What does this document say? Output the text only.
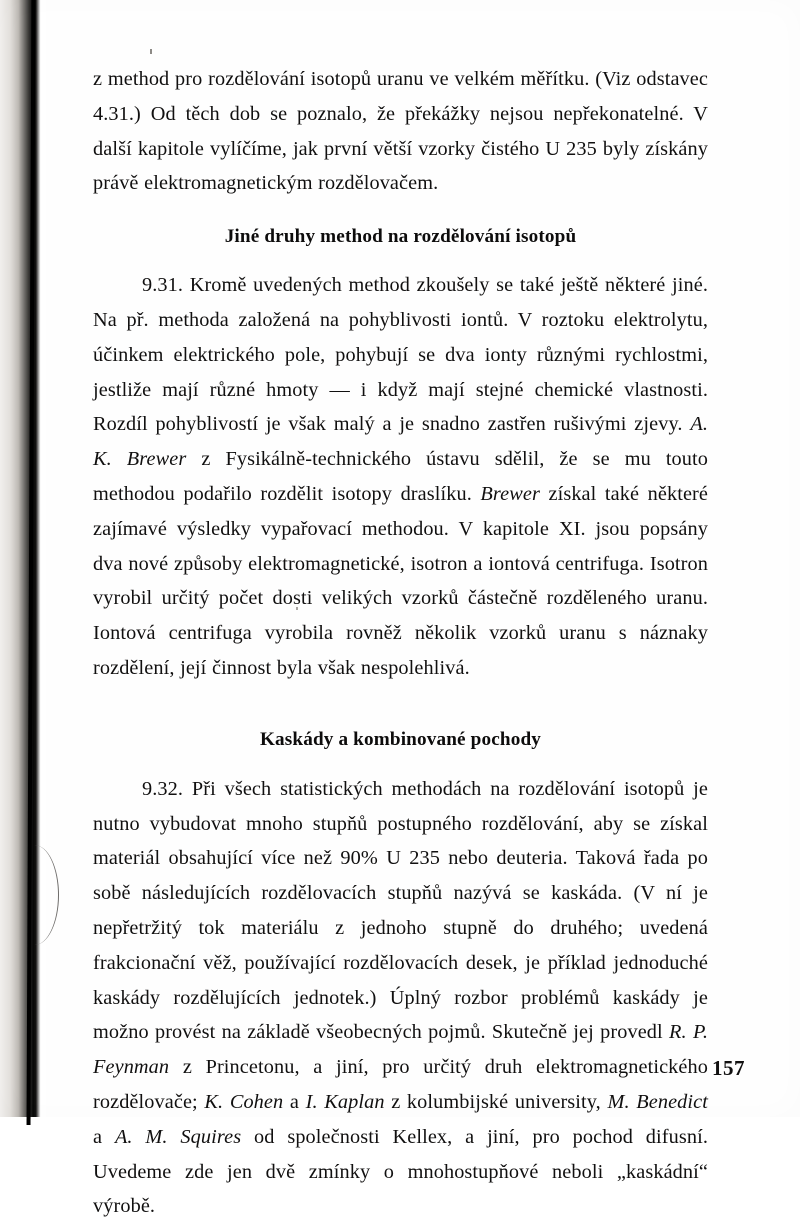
z method pro rozdělování isotopů uranu ve velkém měřítku. (Viz odstavec 4.31.) Od těch dob se poznalo, že překážky nejsou nepřekonatelné. V další kapitole vylíčíme, jak první větší vzorky čistého U 235 byly získány právě elektromagnetickým rozdělovačem.

Jiné druhy method na rozdělování isotopů

9.31. Kromě uvedených method zkoušely se také ještě některé jiné. Na př. methoda založená na pohyblivosti iontů. V roztoku elektrolytu, účinkem elektrického pole, pohybují se dva ionty různými rychlostmi, jestliže mají různé hmoty — i když mají stejné chemické vlastnosti. Rozdíl pohyblivostí je však malý a je snadno zastřen rušivými zjevy. A. K. Brewer z Fysikálně-technického ústavu sdělil, že se mu touto methodou podařilo rozdělit isotopy draslíku. Brewer získal také některé zajímavé výsledky vypařovací methodou. V kapitole XI. jsou popsány dva nové způsoby elektromagnetické, isotron a iontová centrifuga. Isotron vyrobil určitý počet dosti velikých vzorků částečně rozděleného uranu. Iontová centrifuga vyrobila rovněž několik vzorků uranu s náznaky rozdělení, její činnost byla však nespolehlivá.

Kaskády a kombinované pochody

9.32. Při všech statistických methodách na rozdělování isotopů je nutno vybudovat mnoho stupňů postupného rozdělování, aby se získal materiál obsahující více než 90% U 235 nebo deuteria. Taková řada po sobě následujících rozdělovacích stupňů nazývá se kaskáda. (V ní je nepřetržitý tok materiálu z jednoho stupně do druhého; uvedená frakcionační věž, používající rozdělovacích desek, je příklad jednoduché kaskády rozdělujících jednotek.) Úplný rozbor problémů kaskády je možno provést na základě všeobecných pojmů. Skutečně jej provedl R. P. Feynman z Princetonu, a jiní, pro určitý druh elektromagnetického rozdělovače; K. Cohen a I. Kaplan z kolumbijské university, M. Benedict a A. M. Squires od společnosti Kellex, a jiní, pro pochod difusní. Uvedeme zde jen dvě zmínky o mnohostupňové neboli „kaskádní“ výrobě.

157
